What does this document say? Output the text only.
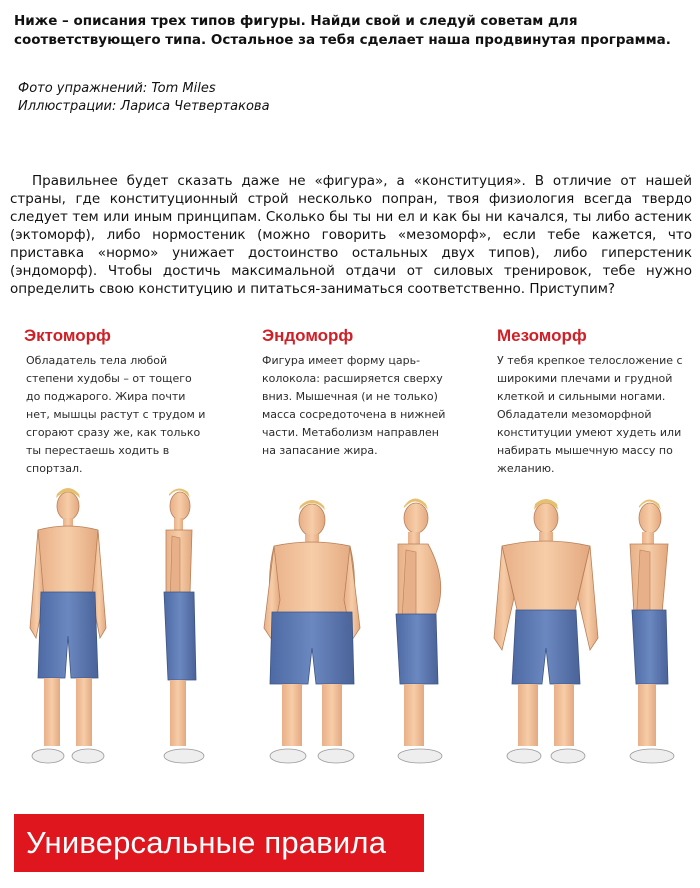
Ниже – описания трех типов фигуры. Найди свой и следуй советам для соответствующего типа. Остальное за тебя сделает наша продвинутая программа.

Фото упражнений: Tom Miles

Иллюстрации: Лариса Четвертакова

Правильнее будет сказать даже не «фигура», а «конституция». В отличие от нашей страны, где конституционный строй несколько попран, твоя физиология всегда твердо следует тем или иным принципам. Сколько бы ты ни ел и как бы ни качался, ты либо астеник (эктоморф), либо нормостеник (можно говорить «мезоморф», если тебе кажется, что приставка «нормо» унижает достоинство остальных двух типов), либо гиперстеник (эндоморф). Чтобы достичь максимальной отдачи от силовых тренировок, тебе нужно определить свою конституцию и питаться-заниматься соответственно. Приступим?

Эктоморф

Обладатель тела любой степени худобы – от тощего до поджарого. Жира почти нет, мышцы растут с трудом и сгорают сразу же, как только ты перестаешь ходить в спортзал.

Эндоморф

Фигура имеет форму царь-колокола: расширяется сверху вниз. Мышечная (и не только) масса сосредоточена в нижней части. Метаболизм направлен на запасание жира.

Мезоморф

У тебя крепкое телосложение с широкими плечами и грудной клеткой и сильными ногами. Обладатели мезоморфной конституции умеют худеть или набирать мышечную массу по желанию.

Универсальные правила
